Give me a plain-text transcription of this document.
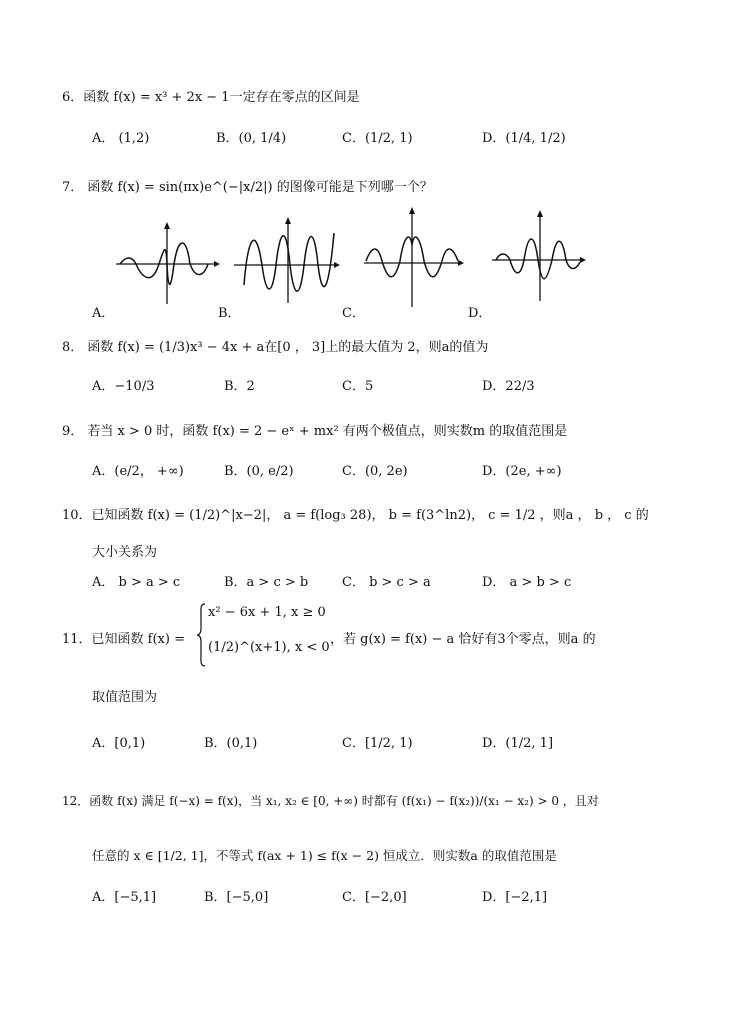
6．函数 f(x) = x³ + 2x − 1一定存在零点的区间是
A． (1,2)	B．(0, 1/4)	C．(1/2, 1)	D．(1/4, 1/2)
7． 函数 f(x) = sin(πx)e^(−|x/2|) 的图像可能是下列哪一个？
A．	B．	C．	D．
8． 函数 f(x) = (1/3)x³ − 4x + a在[0 ， 3]上的最大值为 2，则a的值为
A．−10/3	B．2	C．5	D．22/3
9． 若当 x > 0 时，函数 f(x) = 2 − eˣ + mx² 有两个极值点，则实数m 的取值范围是
A．(e/2， +∞)	B．(0, e/2)	C．(0, 2e)	D．(2e, +∞)
10．已知函数 f(x) = (1/2)^|x−2|， a = f(log₃ 28)， b = f(3^ln2)， c = 1/2 ，则a ， b ， c 的
大小关系为
A． b > a > c	B．a > c > b	C． b > c > a	D． a > b > c
11．已知函数 f(x) =
x² − 6x + 1, x ≥ 0
(1/2)^(x+1), x < 0
，若 g(x) = f(x) − a 恰好有3个零点，则a 的
取值范围为
A．[0,1)	B．(0,1)	C．[1/2, 1)	D．(1/2, 1]
12．函数 f(x) 满足 f(−x) = f(x)，当 x₁, x₂ ∈ [0, +∞) 时都有 (f(x₁) − f(x₂))/(x₁ − x₂) > 0 ，且对
任意的 x ∈ [1/2, 1]，不等式 f(ax + 1) ≤ f(x − 2) 恒成立．则实数a 的取值范围是
A．[−5,1]	B．[−5,0]	C．[−2,0]	D．[−2,1]
